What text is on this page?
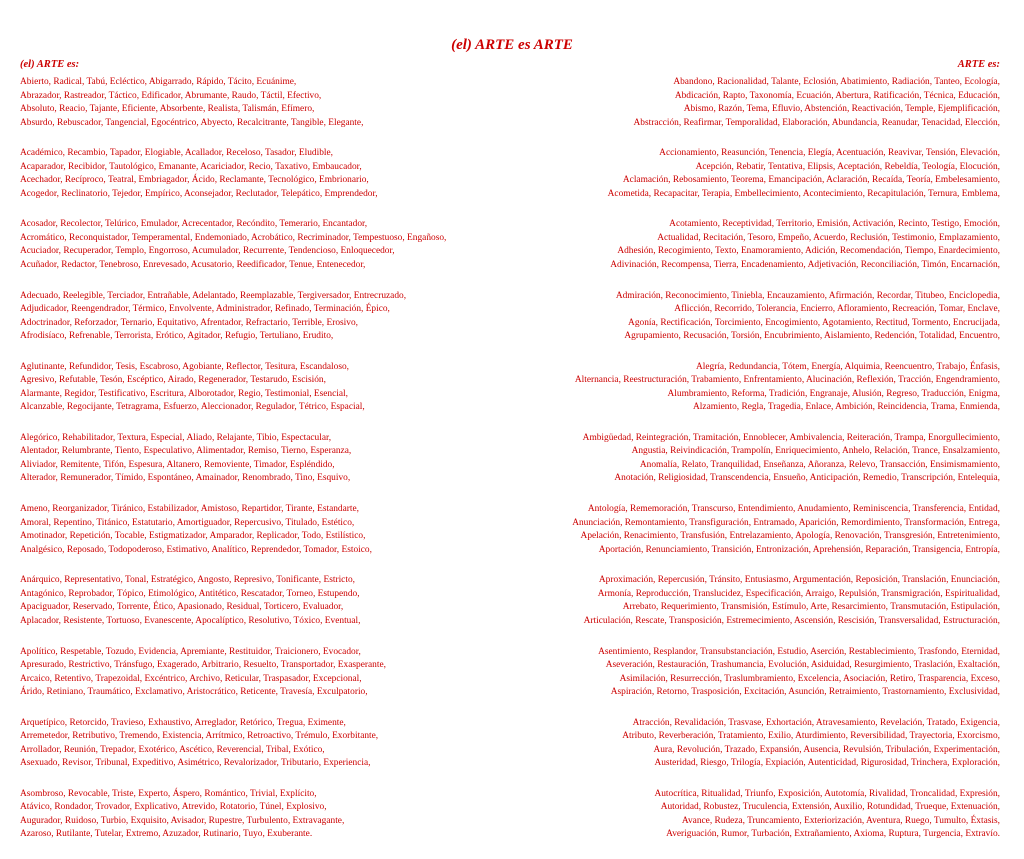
(el) ARTE es ARTE
(el) ARTE es:	ARTE es:
Abierto, Radical, Tabú, Ecléctico, Abigarrado, Rápido, Tácito, Ecuánime,
Abrazador, Rastreador, Táctico, Edificador, Abrumante, Raudo, Táctil, Efectivo,
Absoluto, Reacio, Tajante, Eficiente, Absorbente, Realista, Talismán, Efímero,
Absurdo, Rebuscador, Tangencial, Egocéntrico, Abyecto, Recalcitrante, Tangible, Elegante,
Académico, Recambio, Tapador, Elogiable, Acallador, Receloso, Tasador, Eludible,
Acaparador, Recibidor, Tautológico, Emanante, Acariciador, Recio, Taxativo, Embaucador,
Acechador, Recíproco, Teatral, Embriagador, Ácido, Reclamante, Tecnológico, Embrionario,
Acogedor, Reclinatorio, Tejedor, Empírico, Aconsejador, Reclutador, Telepático, Emprendedor,
Acosador, Recolector, Telúrico, Emulador, Acrecentador, Recóndito, Temerario, Encantador,
Acromático, Reconquistador, Temperamental, Endemoniado, Acrobático, Recriminador, Tempestuoso, Engañoso,
Acuciador, Recuperador, Templo, Engorroso, Acumulador, Recurrente, Tendencioso, Enloquecedor,
Acuñador, Redactor, Tenebroso, Enrevesado, Acusatorio, Reedificador, Tenue, Entenecedor,
Adecuado, Reelegible, Terciador, Entrañable, Adelantado, Reemplazable, Tergiversador, Entrecruzado,
Adjudicador, Reengendrador, Térmico, Envolvente, Administrador, Refinado, Terminación, Épico,
Adoctrinador, Reforzador, Ternario, Equitativo, Afrentador, Refractario, Terrible, Erosivo,
Afrodisíaco, Refrenable, Terrorista, Erótico, Agitador, Refugio, Tertuliano, Erudito,
Aglutinante, Refundidor, Tesis, Escabroso, Agobiante, Reflector, Tesitura, Escandaloso,
Agresivo, Refutable, Tesón, Escéptico, Airado, Regenerador, Testarudo, Escisión,
Alarmante, Regidor, Testificativo, Escritura, Alborotador, Regio, Testimonial, Esencial,
Alcanzable, Regocijante, Tetragrama, Esfuerzo, Aleccionador, Regulador, Tétrico, Espacial,
Alegórico, Rehabilitador, Textura, Especial, Aliado, Relajante, Tibio, Espectacular,
Alentador, Relumbrante, Tiento, Especulativo, Alimentador, Remiso, Tierno, Esperanza,
Aliviador, Remitente, Tifón, Espesura, Altanero, Removiente, Timador, Espléndido,
Alterador, Remunerador, Tímido, Espontáneo, Amainador, Renombrado, Tino, Esquivo,
Ameno, Reorganizador, Tiránico, Estabilizador, Amistoso, Repartidor, Tirante, Estandarte,
Amoral, Repentino, Titánico, Estatutario, Amortiguador, Repercusivo, Titulado, Estético,
Amotinador, Repetición, Tocable, Estigmatizador, Amparador, Replicador, Todo, Estilístico,
Analgésico, Reposado, Todopoderoso, Estimativo, Analítico, Reprendedor, Tomador, Estoico,
Anárquico, Representativo, Tonal, Estratégico, Angosto, Represivo, Tonificante, Estricto,
Antagónico, Reprobador, Tópico, Etimológico, Antitético, Rescatador, Torneo, Estupendo,
Apaciguador, Reservado, Torrente, Ético, Apasionado, Residual, Torticero, Evaluador,
Aplacador, Resistente, Tortuoso, Evanescente, Apocalíptico, Resolutivo, Tóxico, Eventual,
Apolítico, Respetable, Tozudo, Evidencia, Apremiante, Restituidor, Traicionero, Evocador,
Apresurado, Restrictivo, Tránsfugo, Exagerado, Arbitrario, Resuelto, Transportador, Exasperante,
Arcaico, Retentivo, Trapezoidal, Excéntrico, Archivo, Reticular, Traspasador, Excepcional,
Árido, Retiniano, Traumático, Exclamativo, Aristocrático, Reticente, Travesía, Exculpatorio,
Arquetípico, Retorcido, Travieso, Exhaustivo, Arreglador, Retórico, Tregua, Eximente,
Arremetedor, Retributivo, Tremendo, Existencia, Arrítmico, Retroactivo, Trémulo, Exorbitante,
Arrollador, Reunión, Trepador, Exotérico, Ascético, Reverencial, Tribal, Exótico,
Asexuado, Revisor, Tribunal, Expeditivo, Asimétrico, Revalorizador, Tributario, Experiencia,
Asombroso, Revocable, Triste, Experto, Áspero, Romántico, Trivial, Explícito,
Atávico, Rondador, Trovador, Explicativo, Atrevido, Rotatorio, Túnel, Explosivo,
Augurador, Ruidoso, Turbio, Exquisito, Avisador, Rupestre, Turbulento, Extravagante,
Azaroso, Rutilante, Tutelar, Extremo, Azuzador, Rutinario, Tuyo, Exuberante.
Abandono, Racionalidad, Talante, Eclosión, Abatimiento, Radiación, Tanteo, Ecología,
Abdicación, Rapto, Taxonomía, Ecuación, Abertura, Ratificación, Técnica, Educación,
Abismo, Razón, Tema, Efluvio, Abstención, Reactivación, Temple, Ejemplificación,
Abstracción, Reafirmar, Temporalidad, Elaboración, Abundancia, Reanudar, Tenacidad, Elección,
Accionamiento, Reasunción, Tenencia, Elegía, Acentuación, Reavivar, Tensión, Elevación,
Acepción, Rebatir, Tentativa, Elipsis, Aceptación, Rebeldía, Teología, Elocución,
Aclamación, Rebosamiento, Teorema, Emancipación, Aclaración, Recaída, Teoría, Embelesamiento,
Acometida, Recapacitar, Terapia, Embellecimiento, Acontecimiento, Recapitulación, Ternura, Emblema,
Acotamiento, Receptividad, Territorio, Emisión, Activación, Recinto, Testigo, Emoción,
Actualidad, Recitación, Tesoro, Empeño, Acuerdo, Reclusión, Testimonio, Emplazamiento,
Adhesión, Recogimiento, Texto, Enamoramiento, Adición, Recomendación, Tiempo, Enardecimiento,
Adivinación, Recompensa, Tierra, Encadenamiento, Adjetivación, Reconciliación, Timón, Encarnación,
Admiración, Reconocimiento, Tiniebla, Encauzamiento, Afirmación, Recordar, Titubeo, Enciclopedia,
Aflicción, Recorrido, Tolerancia, Encierro, Afloramiento, Recreación, Tomar, Enclave,
Agonía, Rectificación, Torcimiento, Encogimiento, Agotamiento, Rectitud, Tormento, Encrucijada,
Agrupamiento, Recusación, Torsión, Encubrimiento, Aislamiento, Redención, Totalidad, Encuentro,
Alegría, Redundancia, Tótem, Energía, Alquimia, Reencuentro, Trabajo, Énfasis,
Alternancia, Reestructuración, Trabamiento, Enfrentamiento, Alucinación, Reflexión, Tracción, Engendramiento,
Alumbramiento, Reforma, Tradición, Engranaje, Alusión, Regreso, Traducción, Enigma,
Alzamiento, Regla, Tragedia, Enlace, Ambición, Reincidencia, Trama, Enmienda,
Ambigüedad, Reintegración, Tramitación, Ennoblecer, Ambivalencia, Reiteración, Trampa, Enorgullecimiento,
Angustia, Reivindicación, Trampolín, Enriquecimiento, Anhelo, Relación, Trance, Ensalzamiento,
Anomalía, Relato, Tranquilidad, Enseñanza, Añoranza, Relevo, Transacción, Ensimismamiento,
Anotación, Religiosidad, Transcendencia, Ensueño, Anticipación, Remedio, Transcripción, Entelequia,
Antología, Rememoración, Transcurso, Entendimiento, Anudamiento, Reminiscencia, Transferencia, Entidad,
Anunciación, Remontamiento, Transfiguración, Entramado, Aparición, Remordimiento, Transformación, Entrega,
Apelación, Renacimiento, Transfusión, Entrelazamiento, Apología, Renovación, Transgresión, Entretenimiento,
Aportación, Renunciamiento, Transición, Entronización, Aprehensión, Reparación, Transigencia, Entropía,
Aproximación, Repercusión, Tránsito, Entusiasmo, Argumentación, Reposición, Translación, Enunciación,
Armonía, Reproducción, Translucidez, Especificación, Arraigo, Repulsión, Transmigración, Espiritualidad,
Arrebato, Requerimiento, Transmisión, Estímulo, Arte, Resarcimiento, Transmutación, Estipulación,
Articulación, Rescate, Transposición, Estremecimiento, Ascensión, Rescisión, Transversalidad, Estructuración,
Asentimiento, Resplandor, Transubstanciación, Estudio, Aserción, Restablecimiento, Trasfondo, Eternidad,
Aseveración, Restauración, Trashumancia, Evolución, Asiduidad, Resurgimiento, Traslación, Exaltación,
Asimilación, Resurrección, Traslumbramiento, Excelencia, Asociación, Retiro, Trasparencia, Exceso,
Aspiración, Retorno, Trasposición, Excitación, Asunción, Retraimiento, Trastornamiento, Exclusividad,
Atracción, Revalidación, Trasvase, Exhortación, Atravesamiento, Revelación, Tratado, Exigencia,
Atributo, Reverberación, Tratamiento, Exilio, Aturdimiento, Reversibilidad, Trayectoria, Exorcismo,
Aura, Revolución, Trazado, Expansión, Ausencia, Revulsión, Tribulación, Experimentación,
Austeridad, Riesgo, Trilogía, Expiación, Autenticidad, Rigurosidad, Trinchera, Exploración,
Autocrítica, Ritualidad, Triunfo, Exposición, Autotomía, Rivalidad, Troncalidad, Expresión,
Autoridad, Robustez, Truculencia, Extensión, Auxilio, Rotundidad, Trueque, Extenuación,
Avance, Rudeza, Truncamiento, Exteriorización, Aventura, Ruego, Tumulto, Éxtasis,
Averiguación, Rumor, Turbación, Extrañamiento, Axioma, Ruptura, Turgencia, Extravío.
